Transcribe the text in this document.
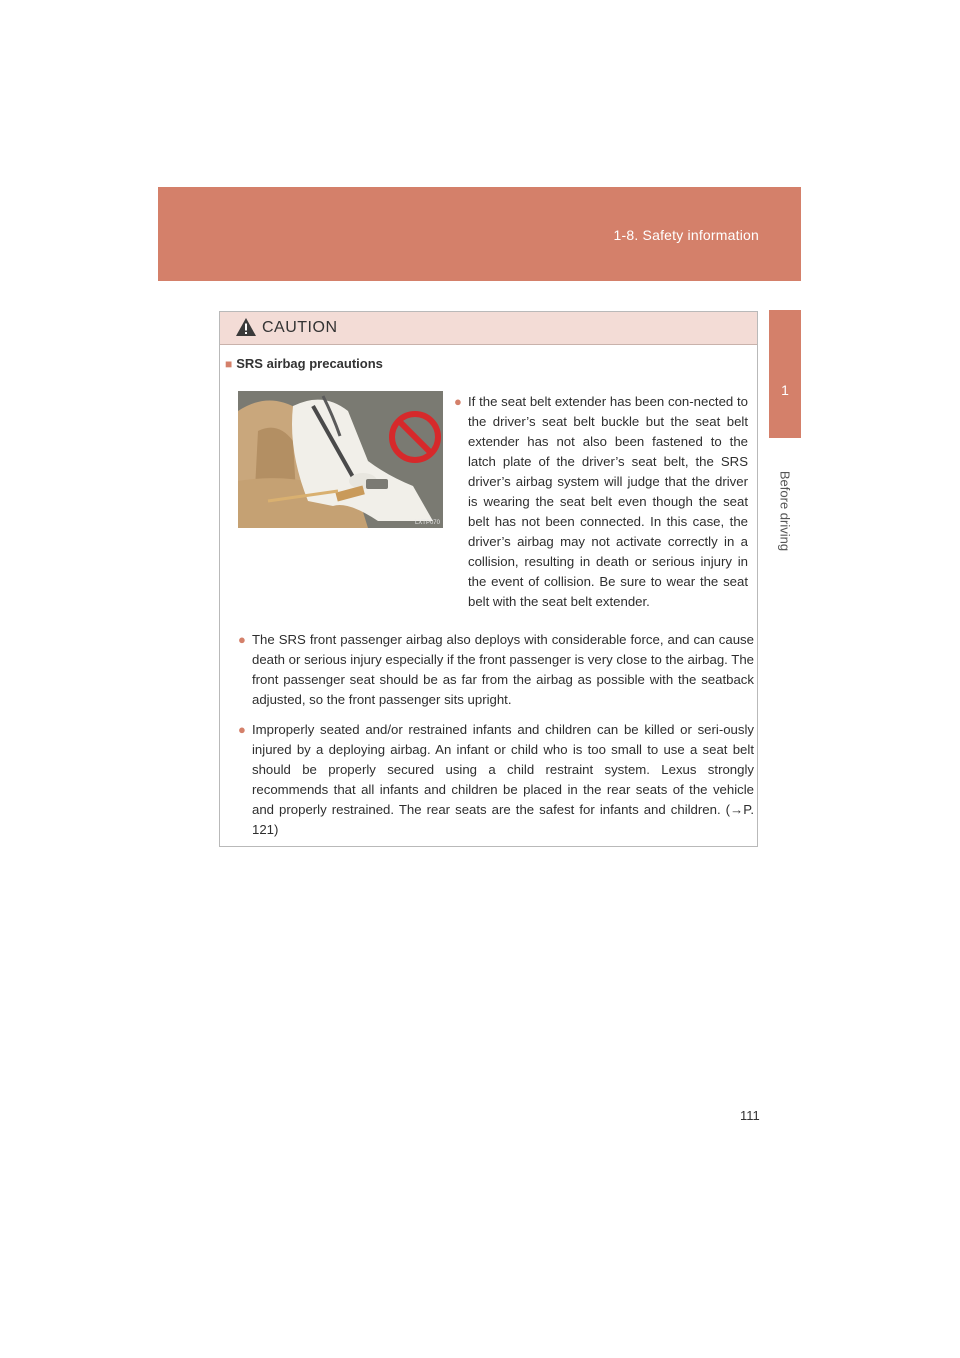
1-8. Safety information
1
Before driving
CAUTION
■ SRS airbag precautions
LXTP070
● If the seat belt extender has been con-nected to the driver’s seat belt buckle but the seat belt extender has not also been fastened to the latch plate of the driver’s seat belt, the SRS driver’s airbag system will judge that the driver is wearing the seat belt even though the seat belt has not been connected. In this case, the driver’s airbag may not activate correctly in a collision, resulting in death or serious injury in the event of collision. Be sure to wear the seat belt with the seat belt extender.
● The SRS front passenger airbag also deploys with considerable force, and can cause death or serious injury especially if the front passenger is very close to the airbag. The front passenger seat should be as far from the airbag as possible with the seatback adjusted, so the front passenger sits upright.
● Improperly seated and/or restrained infants and children can be killed or seri-ously injured by a deploying airbag. An infant or child who is too small to use a seat belt should be properly secured using a child restraint system. Lexus strongly recommends that all infants and children be placed in the rear seats of the vehicle and properly restrained. The rear seats are the safest for infants and children. (→P. 121)
111
